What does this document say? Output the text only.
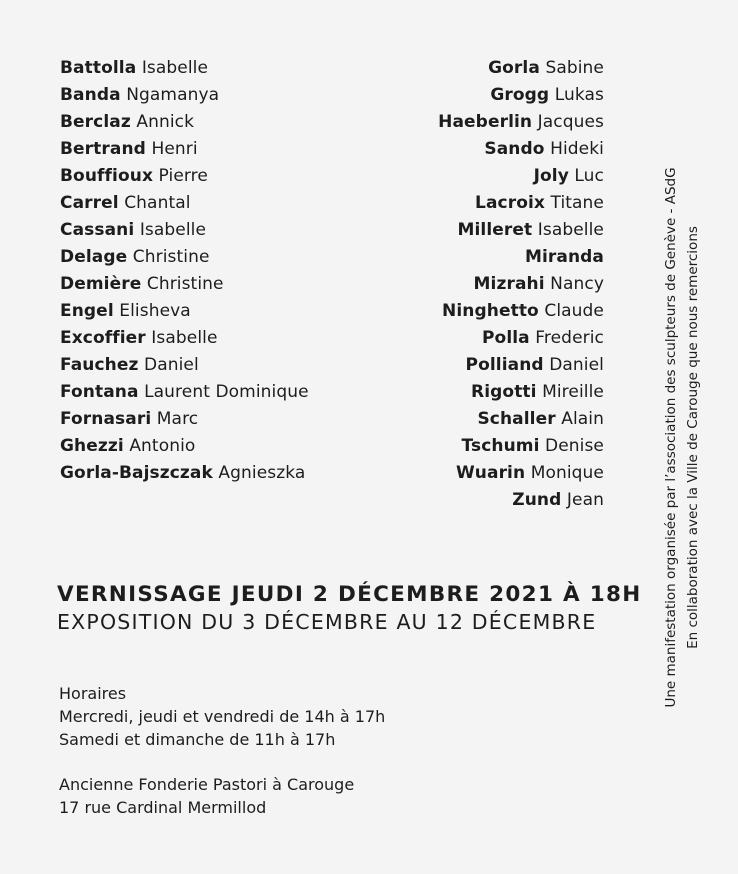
Battolla Isabelle
Banda Ngamanya
Berclaz Annick
Bertrand Henri
Bouffioux Pierre
Carrel Chantal
Cassani Isabelle
Delage Christine
Demière Christine
Engel Elisheva
Excoffier Isabelle
Fauchez Daniel
Fontana Laurent Dominique
Fornasari Marc
Ghezzi Antonio
Gorla-Bajszczak Agnieszka
Gorla Sabine
Grogg Lukas
Haeberlin Jacques
Sando Hideki
Joly Luc
Lacroix Titane
Milleret Isabelle
Miranda
Mizrahi Nancy
Ninghetto Claude
Polla Frederic
Polliand Daniel
Rigotti Mireille
Schaller Alain
Tschumi Denise
Wuarin Monique
Zund Jean

VERNISSAGE JEUDI 2 DÉCEMBRE 2021 À 18H

EXPOSITION DU 3 DÉCEMBRE AU 12 DÉCEMBRE

Horaires
Mercredi, jeudi et vendredi de 14h à 17h
Samedi et dimanche de 11h à 17h
Ancienne Fonderie Pastori à Carouge
17 rue Cardinal Mermillod
Une manifestation organisée par l’association des sculpteurs de Genève - ASdG En collaboration avec la Ville de Carouge que nous remercions
